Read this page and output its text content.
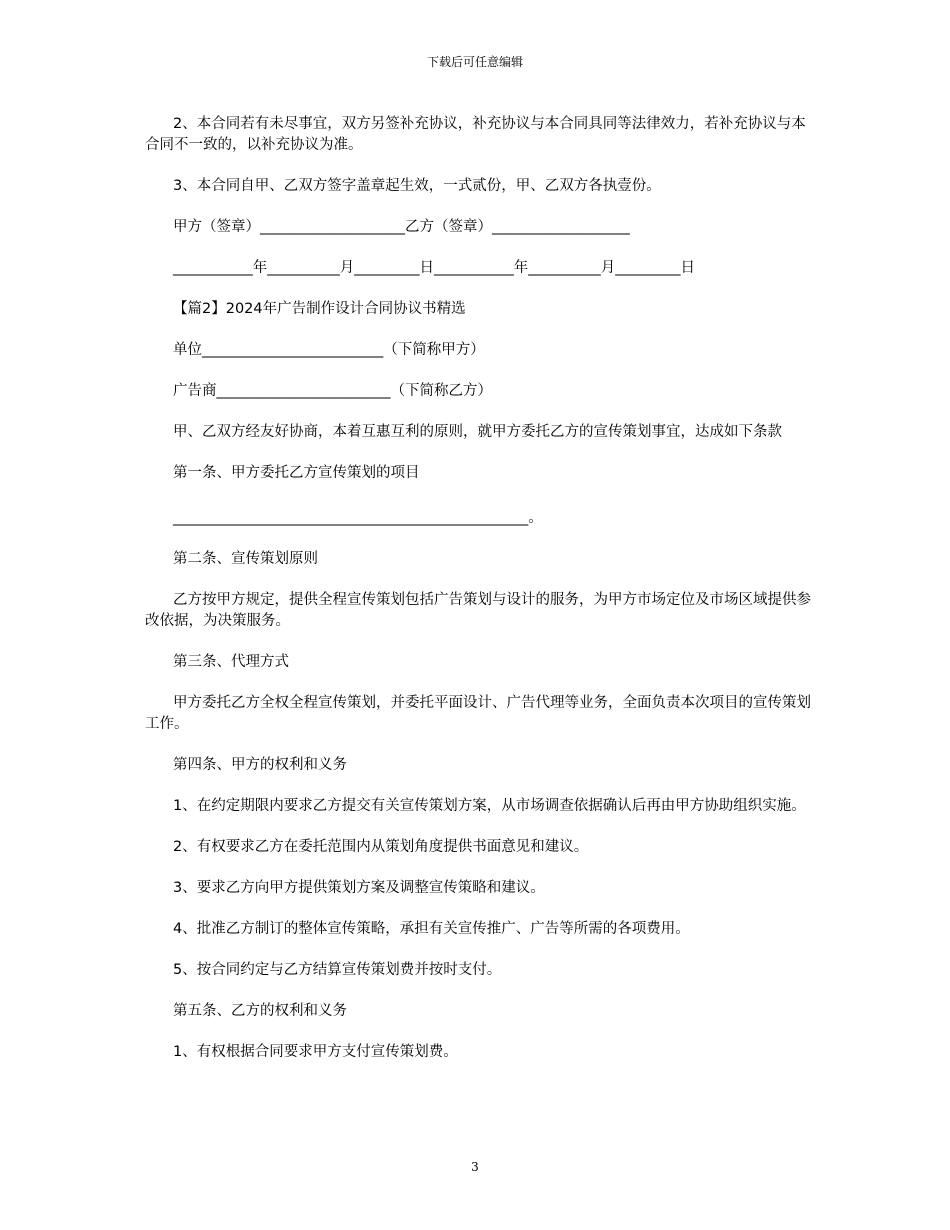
下载后可任意编辑

2、本合同若有未尽事宜，双方另签补充协议，补充协议与本合同具同等法律效力，若补充协议与本合同不一致的，以补充协议为准。

3、本合同自甲、乙双方签字盖章起生效，一式贰份，甲、乙双方各执壹份。

甲方（签章）____________________乙方（签章）___________________

___________年__________月_________日___________年__________月_________日

【篇2】2024年广告制作设计合同协议书精选

单位_________________________（下简称甲方）

广告商________________________（下简称乙方）

甲、乙双方经友好协商，本着互惠互利的原则，就甲方委托乙方的宣传策划事宜，达成如下条款

第一条、甲方委托乙方宣传策划的项目

_________________________________________________。

第二条、宣传策划原则

乙方按甲方规定，提供全程宣传策划包括广告策划与设计的服务，为甲方市场定位及市场区域提供参改依据，为决策服务。

第三条、代理方式

甲方委托乙方全权全程宣传策划，并委托平面设计、广告代理等业务，全面负责本次项目的宣传策划工作。

第四条、甲方的权利和义务

1、在约定期限内要求乙方提交有关宣传策划方案，从市场调查依据确认后再由甲方协助组织实施。

2、有权要求乙方在委托范围内从策划角度提供书面意见和建议。

3、要求乙方向甲方提供策划方案及调整宣传策略和建议。

4、批准乙方制订的整体宣传策略，承担有关宣传推广、广告等所需的各项费用。

5、按合同约定与乙方结算宣传策划费并按时支付。

第五条、乙方的权利和义务

1、有权根据合同要求甲方支付宣传策划费。

3
